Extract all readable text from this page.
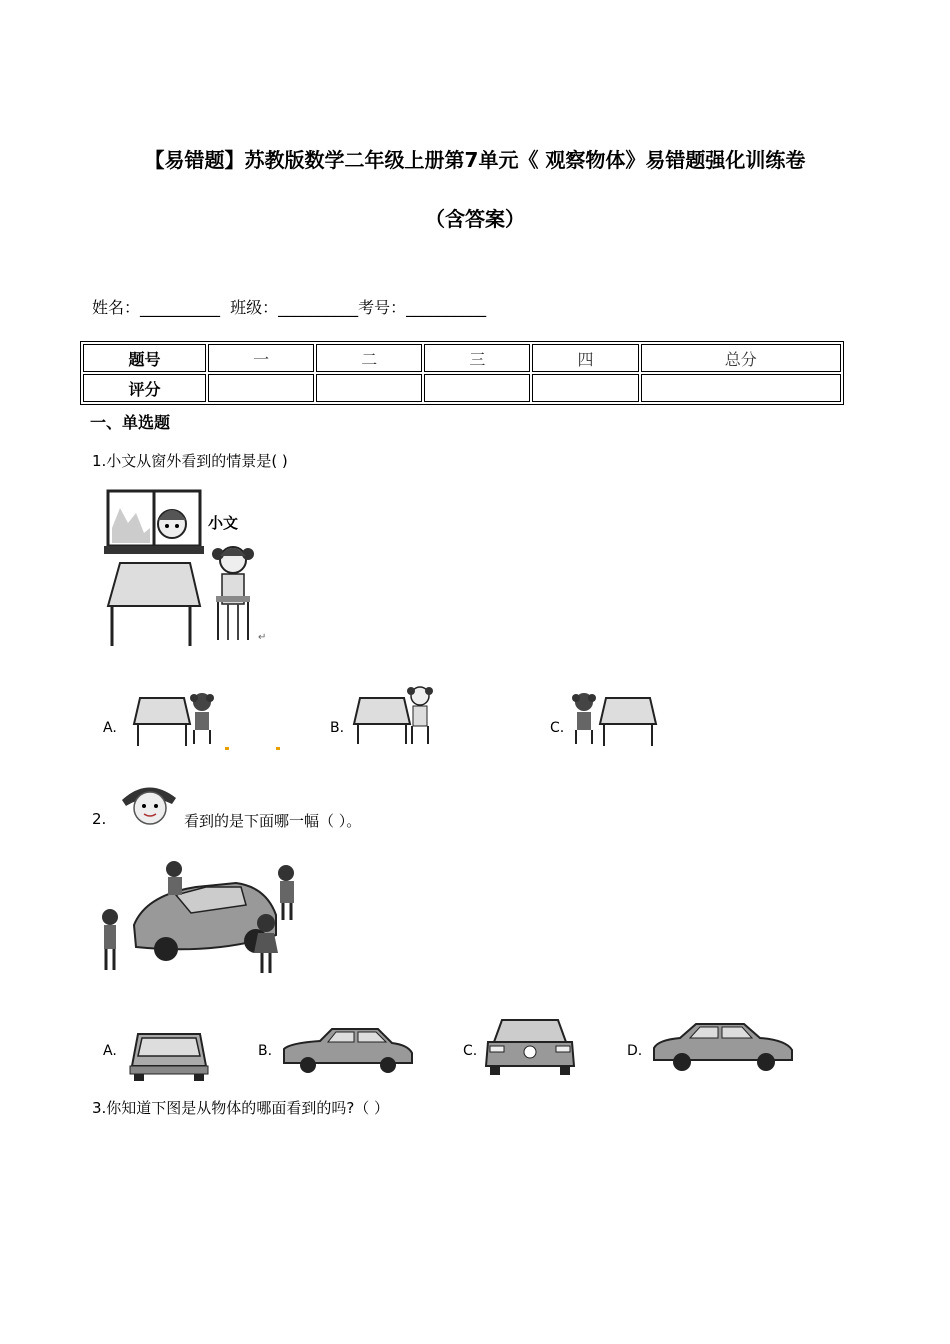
【易错题】苏教版数学二年级上册第7单元《 观察物体》易错题强化训练卷
（含答案）
姓名：__________  班级：__________考号：__________
题号	一	二	三	四	总分
评分					
一、单选题
1.小文从窗外看到的情景是( )
↵
小文
A.	B.	C.
2.	看到的是下面哪一幅（ ）。
A.	B.	C.	D.
3.你知道下图是从物体的哪面看到的吗?（ ）
